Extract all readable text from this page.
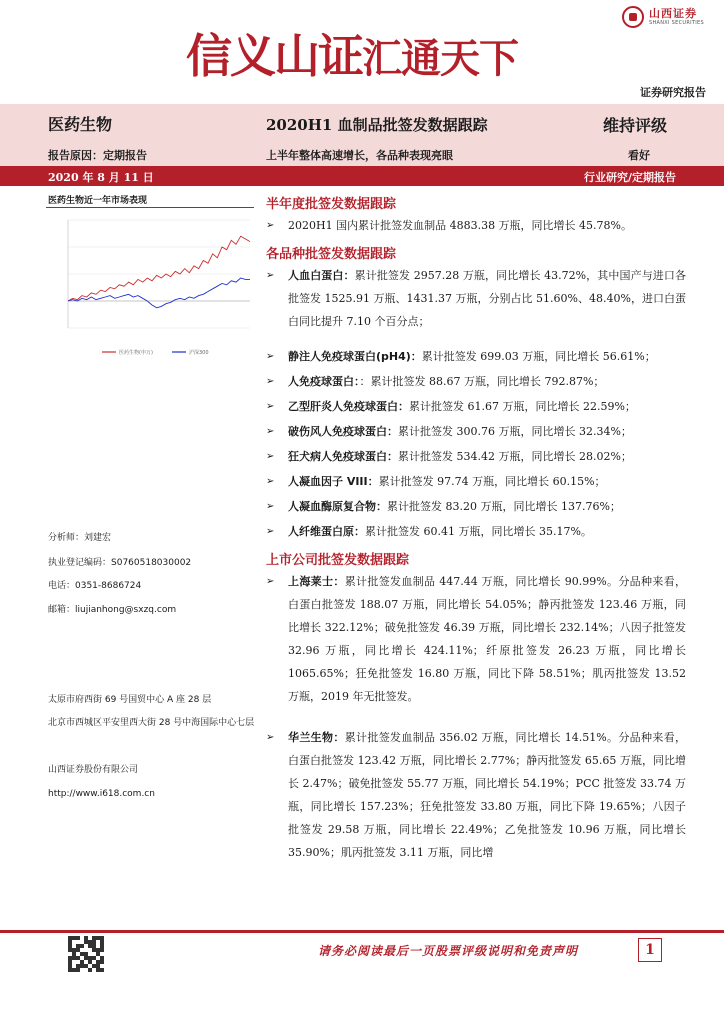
信义山证汇通天下
山西证券
SHANXI SECURITIES
证券研究报告
医药生物	2020H1 血制品批签发数据跟踪	维持评级
报告原因：定期报告	上半年整体高速增长，各品种表现亮眼	看好
2020 年 8 月 11 日	行业研究/定期报告
医药生物近一年市场表现
医药生物(申万)	沪深300
分析师：刘建宏
执业登记编码：S0760518030002
电话：0351-8686724
邮箱：liujianhong@sxzq.com
太原市府西街 69 号国贸中心 A 座 28 层
北京市西城区平安里西大街 28 号中海国际中心七层
山西证券股份有限公司
http://www.i618.com.cn
半年度批签发数据跟踪
➢	2020H1 国内累计批签发血制品 4883.38 万瓶，同比增长 45.78%。
各品种批签发数据跟踪
➢	人血白蛋白：累计批签发 2957.28 万瓶，同比增长 43.72%，其中国产与进口各批签发 1525.91 万瓶、1431.37 万瓶，分别占比 51.60%、48.40%，进口白蛋白同比提升 7.10 个百分点；
➢	静注人免疫球蛋白(pH4)：累计批签发 699.03 万瓶，同比增长 56.61%；
➢	人免疫球蛋白：：累计批签发 88.67 万瓶，同比增长 792.87%；
➢	乙型肝炎人免疫球蛋白：累计批签发 61.67 万瓶，同比增长 22.59%；
➢	破伤风人免疫球蛋白：累计批签发 300.76 万瓶，同比增长 32.34%；
➢	狂犬病人免疫球蛋白：累计批签发 534.42 万瓶，同比增长 28.02%；
➢	人凝血因子 VIII：累计批签发 97.74 万瓶，同比增长 60.15%；
➢	人凝血酶原复合物：累计批签发 83.20 万瓶，同比增长 137.76%；
➢	人纤维蛋白原：累计批签发 60.41 万瓶，同比增长 35.17%。
上市公司批签发数据跟踪
➢	上海莱士：累计批签发血制品 447.44 万瓶，同比增长 90.99%。分品种来看，白蛋白批签发 188.07 万瓶，同比增长 54.05%；静丙批签发 123.46 万瓶，同比增长 322.12%；破免批签发 46.39 万瓶，同比增长 232.14%；八因子批签发 32.96 万瓶，同比增长 424.11%；纤原批签发 26.23 万瓶，同比增长 1065.65%；狂免批签发 16.80 万瓶，同比下降 58.51%；肌丙批签发 13.52 万瓶，2019 年无批签发。
➢	华兰生物：累计批签发血制品 356.02 万瓶，同比增长 14.51%。分品种来看，白蛋白批签发 123.42 万瓶，同比增长 2.77%；静丙批签发 65.65 万瓶，同比增长 2.47%；破免批签发 55.77 万瓶，同比增长 54.19%；PCC 批签发 33.74 万瓶，同比增长 157.23%；狂免批签发 33.80 万瓶，同比下降 19.65%；八因子批签发 29.58 万瓶，同比增长 22.49%；乙免批签发 10.96 万瓶，同比增长 35.90%；肌丙批签发 3.11 万瓶，同比增
请务必阅读最后一页股票评级说明和免责声明	1
